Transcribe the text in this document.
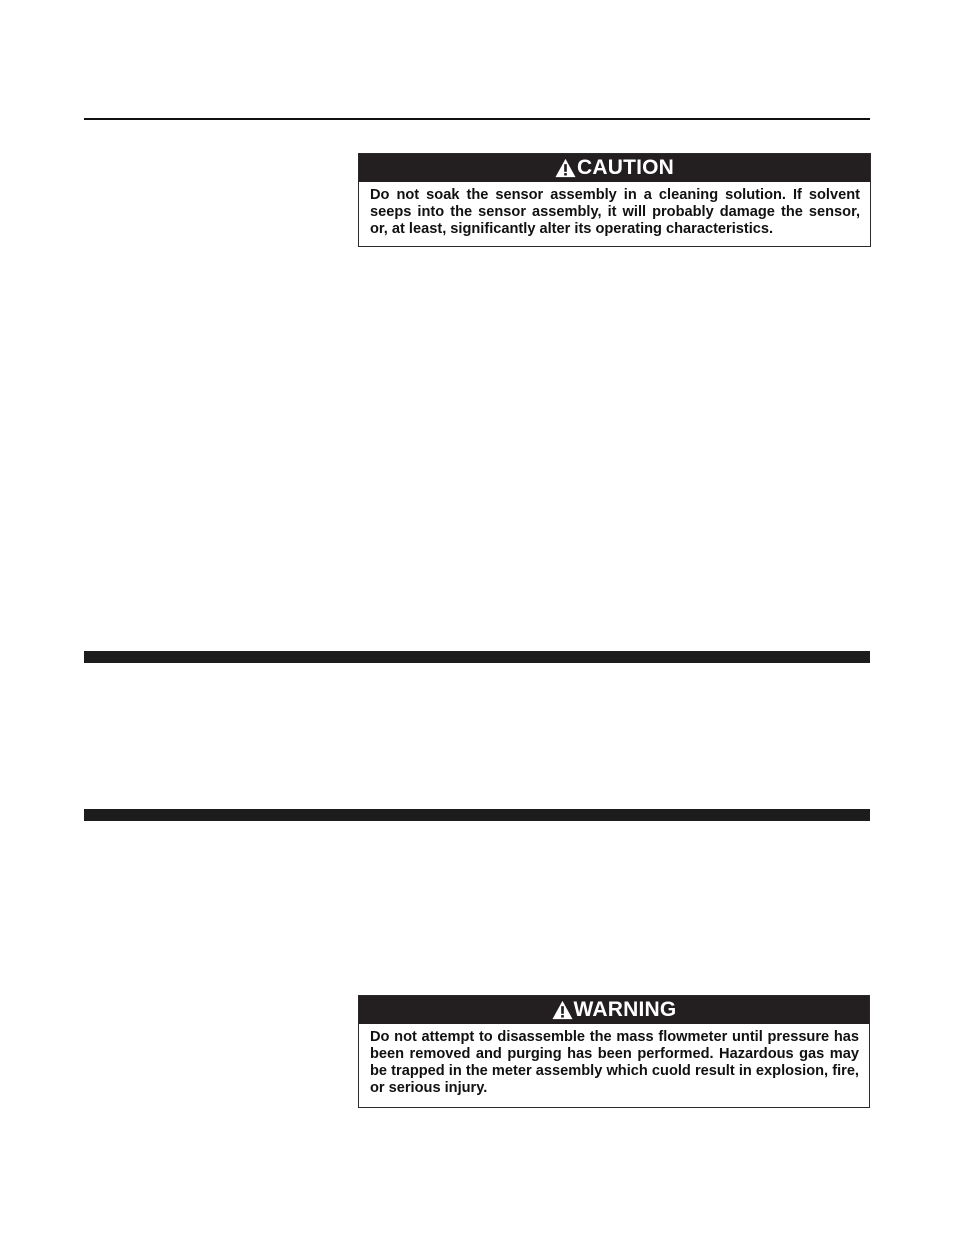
CAUTION
Do not soak the sensor assembly in a cleaning solution. If solvent seeps into the sensor assembly, it will probably damage the sensor, or, at least, significantly alter its operating characteristics.
WARNING
Do not attempt to disassemble the mass flowmeter until pressure has been removed and purging has been performed. Hazardous gas may be trapped in the meter assembly which cuold result in explosion, fire, or serious injury.
